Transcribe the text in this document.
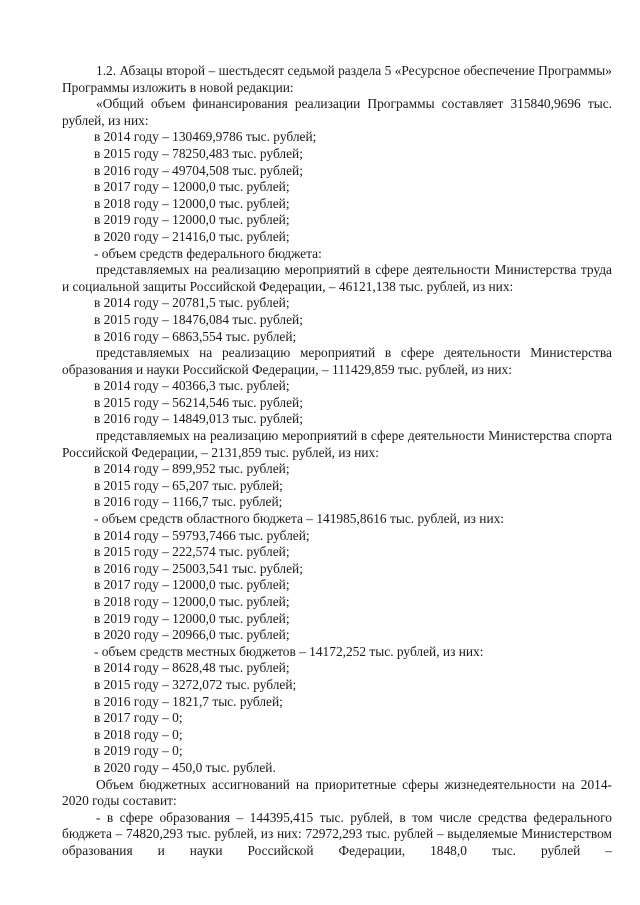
1.2. Абзацы второй – шестьдесят седьмой раздела 5 «Ресурсное обеспечение Программы» Программы изложить в новой редакции:

«Общий объем финансирования реализации Программы составляет 315840,9696 тыс. рублей, из них:

в 2014 году – 130469,9786 тыс. рублей;
в 2015 году – 78250,483 тыс. рублей;
в 2016 году – 49704,508 тыс. рублей;
в 2017 году – 12000,0 тыс. рублей;
в 2018 году – 12000,0 тыс. рублей;
в 2019 году – 12000,0 тыс. рублей;
в 2020 году – 21416,0 тыс. рублей;
- объем средств федерального бюджета:

представляемых на реализацию мероприятий в сфере деятельности Министерства труда и социальной защиты Российской Федерации, – 46121,138 тыс. рублей, из них:

в 2014 году – 20781,5 тыс. рублей;
в 2015 году – 18476,084 тыс. рублей;
в 2016 году – 6863,554 тыс. рублей;

представляемых на реализацию мероприятий в сфере деятельности Министерства образования и науки Российской Федерации, – 111429,859 тыс. рублей, из них:

в 2014 году – 40366,3 тыс. рублей;
в 2015 году – 56214,546 тыс. рублей;
в 2016 году – 14849,013 тыс. рублей;

представляемых на реализацию мероприятий в сфере деятельности Министерства спорта Российской Федерации, – 2131,859 тыс. рублей, из них:

в 2014 году – 899,952 тыс. рублей;
в 2015 году – 65,207 тыс. рублей;
в 2016 году – 1166,7 тыс. рублей;
- объем средств областного бюджета – 141985,8616 тыс. рублей, из них:
в 2014 году – 59793,7466 тыс. рублей;
в 2015 году – 222,574 тыс. рублей;
в 2016 году – 25003,541 тыс. рублей;
в 2017 году – 12000,0 тыс. рублей;
в 2018 году – 12000,0 тыс. рублей;
в 2019 году – 12000,0 тыс. рублей;
в 2020 году – 20966,0 тыс. рублей;
- объем средств местных бюджетов – 14172,252 тыс. рублей, из них:
в 2014 году – 8628,48 тыс. рублей;
в 2015 году – 3272,072 тыс. рублей;
в 2016 году – 1821,7 тыс. рублей;
в 2017 году – 0;
в 2018 году – 0;
в 2019 году – 0;
в 2020 году – 450,0 тыс. рублей.

Объем бюджетных ассигнований на приоритетные сферы жизнедеятельности на 2014-2020 годы составит:

- в сфере образования – 144395,415 тыс. рублей, в том числе средства федерального бюджета – 74820,293 тыс. рублей, из них: 72972,293 тыс. рублей – выделяемые Министерством образования и науки Российской Федерации, 1848,0 тыс. рублей –
